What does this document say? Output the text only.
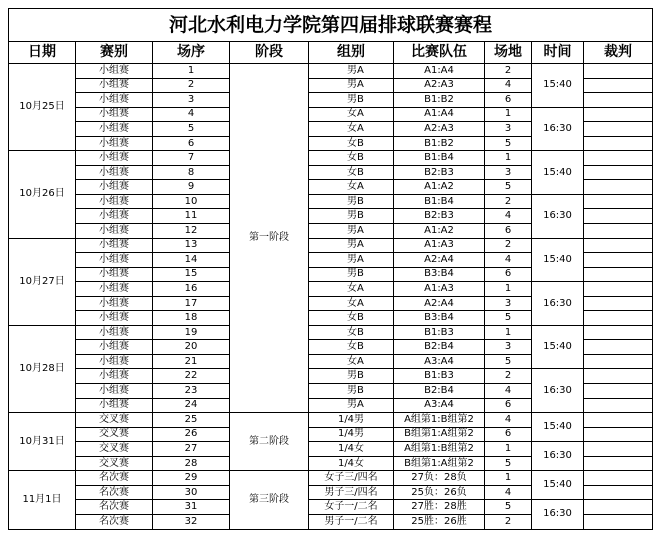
河北水利电力学院第四届排球联赛赛程								
日期	赛别	场序	阶段	组别	比赛队伍	场地	时间	裁判
10月25日	小组赛	1	第一阶段	男A	A1:A4	2	15:40	
	小组赛	2		男A	A2:A3	4		
	小组赛	3		男B	B1:B2	6		
	小组赛	4		女A	A1:A4	1	16:30	
	小组赛	5		女A	A2:A3	3		
	小组赛	6		女B	B1:B2	5		
10月26日	小组赛	7		女B	B1:B4	1	15:40	
	小组赛	8		女B	B2:B3	3		
	小组赛	9		女A	A1:A2	5		
	小组赛	10		男B	B1:B4	2	16:30	
	小组赛	11		男B	B2:B3	4		
	小组赛	12		男A	A1:A2	6		
10月27日	小组赛	13		男A	A1:A3	2	15:40	
	小组赛	14		男A	A2:A4	4		
	小组赛	15		男B	B3:B4	6		
	小组赛	16		女A	A1:A3	1	16:30	
	小组赛	17		女A	A2:A4	3		
	小组赛	18		女B	B3:B4	5		
10月28日	小组赛	19		女B	B1:B3	1	15:40	
	小组赛	20		女B	B2:B4	3		
	小组赛	21		女A	A3:A4	5		
	小组赛	22		男B	B1:B3	2	16:30	
	小组赛	23		男B	B2:B4	4		
	小组赛	24		男A	A3:A4	6		
10月31日	交叉赛	25	第二阶段	1/4男	A组第1:B组第2	4	15:40	
	交叉赛	26		1/4男	B组第1:A组第2	6		
	交叉赛	27		1/4女	A组第1:B组第2	1	16:30	
	交叉赛	28		1/4女	B组第1:A组第2	5		
11月1日	名次赛	29	第三阶段	女子三/四名	27负：28负	1	15:40	
	名次赛	30		男子三/四名	25负：26负	4		
	名次赛	31		女子一/二名	27胜：28胜	5	16:30	
	名次赛	32		男子一/二名	25胜：26胜	2		
